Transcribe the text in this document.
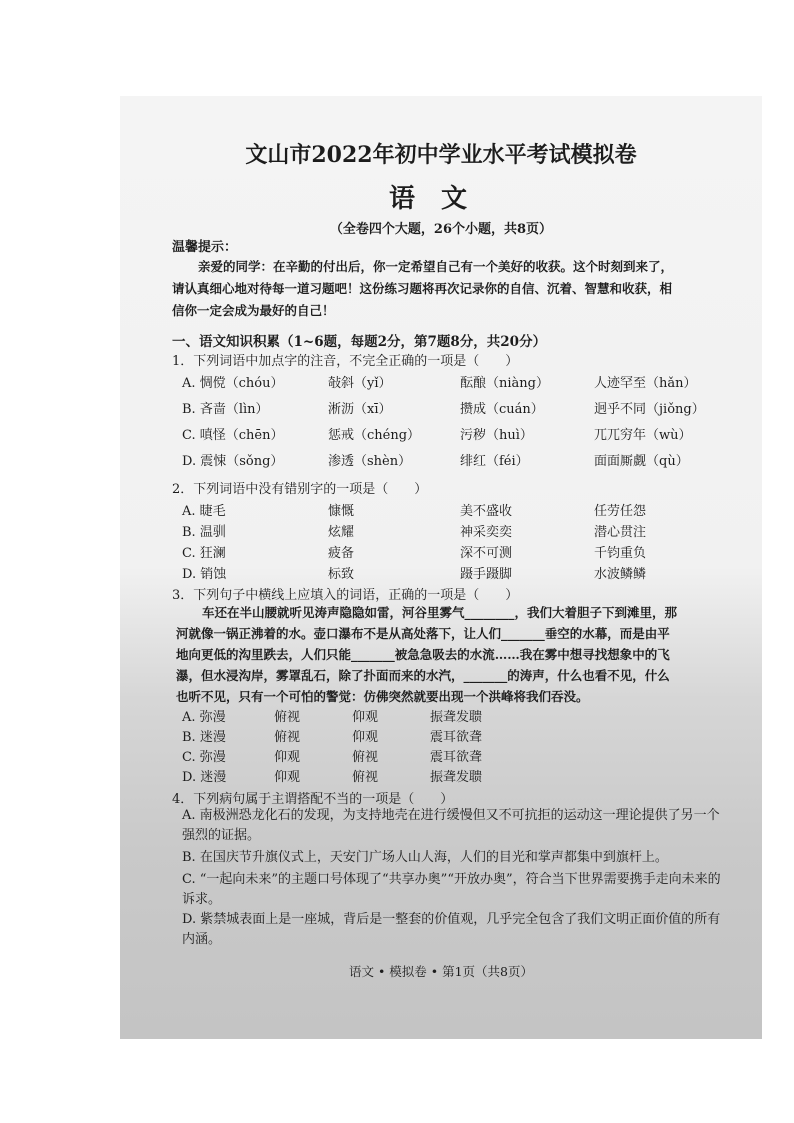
文山市2022年初中学业水平考试模拟卷
语文
（全卷四个大题，26个小题，共8页）
温馨提示：
亲爱的同学：在辛勤的付出后，你一定希望自己有一个美好的收获。这个时刻到来了，
请认真细心地对待每一道习题吧！这份练习题将再次记录你的自信、沉着、智慧和收获，相
信你一定会成为最好的自己！
一、语文知识积累（1~6题，每题2分，第7题8分，共20分）
1．下列词语中加点字的注音，不完全正确的一项是（　　）
A. 惆傥（chóu）	敧斜（yǐ）	酝酿（niàng）	人迹罕至（hǎn）
B. 吝啬（lìn）	淅沥（xī）	攒成（cuán）	迥乎不同（jiǒng）
C. 嗔怪（chēn）	惩戒（chéng）	污秽（huì）	兀兀穷年（wù）
D. 震悚（sǒng）	渗透（shèn）	绯红（féi）	面面厮觑（qù）
2．下列词语中没有错别字的一项是（　　）
A. 睫毛	慷慨	美不盛收	任劳任怨
B. 温驯	炫耀	神采奕奕	潜心贯注
C. 狂澜	疲备	深不可测	千钧重负
D. 销蚀	标致	蹑手蹑脚	水波鳞鳞
3．下列句子中横线上应填入的词语，正确的一项是（　　）
车还在半山腰就听见涛声隐隐如雷，河谷里雾气________，我们大着胆子下到滩里，那
河就像一锅正沸着的水。壶口瀑布不是从高处落下，让人们_______垂空的水幕，而是由平
地向更低的沟里跌去，人们只能_______被急急吸去的水流……我在雾中想寻找想象中的飞
瀑，但水浸沟岸，雾罩乱石，除了扑面而来的水汽，_______的涛声，什么也看不见，什么
也听不见，只有一个可怕的警觉：仿佛突然就要出现一个洪峰将我们吞没。
A. 弥漫	俯视	仰观	振聋发聩
B. 迷漫	俯视	仰观	震耳欲聋
C. 弥漫	仰观	俯视	震耳欲聋
D. 迷漫	仰观	俯视	振聋发聩
4．下列病句属于主谓搭配不当的一项是（　　）
A. 南极洲恐龙化石的发现，为支持地壳在进行缓慢但又不可抗拒的运动这一理论提供了另一个强烈的证据。
B. 在国庆节升旗仪式上，天安门广场人山人海，人们的目光和掌声都集中到旗杆上。
C. “一起向未来”的主题口号体现了“共享办奥”“开放办奥”，符合当下世界需要携手走向未来的诉求。
D. 紫禁城表面上是一座城，背后是一整套的价值观，几乎完全包含了我们文明正面价值的所有内涵。
语文 • 模拟卷 • 第1页（共8页）
